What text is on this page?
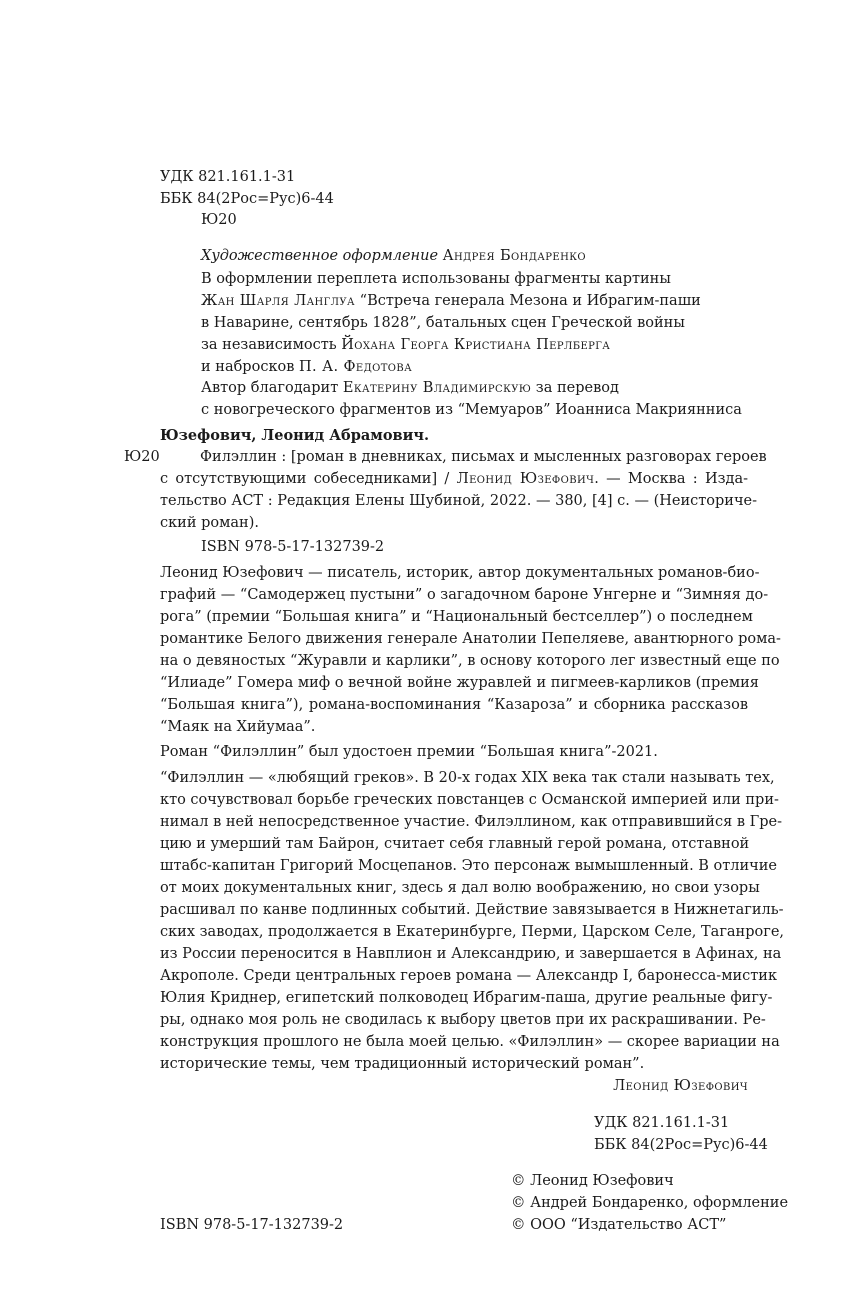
УДК 821.161.1-31
ББК 84(2Рос=Рус)6-44
Ю20
Художественное оформление Андрея Бондаренко
В оформлении переплета использованы фрагменты картины
Жан Шарля Ланглуа “Встреча генерала Мезона и Ибрагим-паши
в Наварине, сентябрь 1828”, батальных сцен Греческой войны
за независимость Йохана Георга Кристиана Перлберга
и набросков П. А. Федотова
Автор благодарит Екатерину Владимирскую за перевод
с новогреческого фрагментов из “Мемуаров” Иоанниса Макриянниса
Юзефович, Леонид Абрамович.
Ю20	Филэллин : [роман в дневниках, письмах и мысленных разговорах героев
с отсутствующими собеседниками] / Леонид Юзефович. — Москва : Изда-
тельство АСТ : Редакция Елены Шубиной, 2022. — 380, [4] с. — (Неисториче-
ский роман).
ISBN 978-5-17-132739-2
Леонид Юзефович — писатель, историк, автор документальных романов-био-
графий — “Самодержец пустыни” о загадочном бароне Унгерне и “Зимняя до-
рога” (премии “Большая книга” и “Национальный бестселлер”) о последнем
романтике Белого движения генерале Анатолии Пепеляеве, авантюрного рома-
на о девяностых “Журавли и карлики”, в основу которого лег известный еще по
“Илиаде” Гомера миф о вечной войне журавлей и пигмеев-карликов (премия
“Большая книга”), романа-воспоминания “Казароза” и сборника рассказов
“Маяк на Хийумаа”.
Роман “Филэллин” был удостоен премии “Большая книга”-2021.
“Филэллин — «любящий греков». В 20-х годах XIX века так стали называть тех,
кто сочувствовал борьбе греческих повстанцев с Османской империей или при-
нимал в ней непосредственное участие. Филэллином, как отправившийся в Гре-
цию и умерший там Байрон, считает себя главный герой романа, отставной
штабс-капитан Григорий Мосцепанов. Это персонаж вымышленный. В отличие
от моих документальных книг, здесь я дал волю воображению, но свои узоры
расшивал по канве подлинных событий. Действие завязывается в Нижнетагиль-
ских заводах, продолжается в Екатеринбурге, Перми, Царском Селе, Таганроге,
из России переносится в Навплион и Александрию, и завершается в Афинах, на
Акрополе. Среди центральных героев романа — Александр I, баронесса-мистик
Юлия Криднер, египетский полководец Ибрагим-паша, другие реальные фигу-
ры, однако моя роль не сводилась к выбору цветов при их раскрашивании. Ре-
конструкция прошлого не была моей целью. «Филэллин» — скорее вариации на
исторические темы, чем традиционный исторический роман”.
Леонид Юзефович
УДК 821.161.1-31
ББК 84(2Рос=Рус)6-44
© Леонид Юзефович
© Андрей Бондаренко, оформление
ISBN 978-5-17-132739-2	© ООО “Издательство АСТ”
